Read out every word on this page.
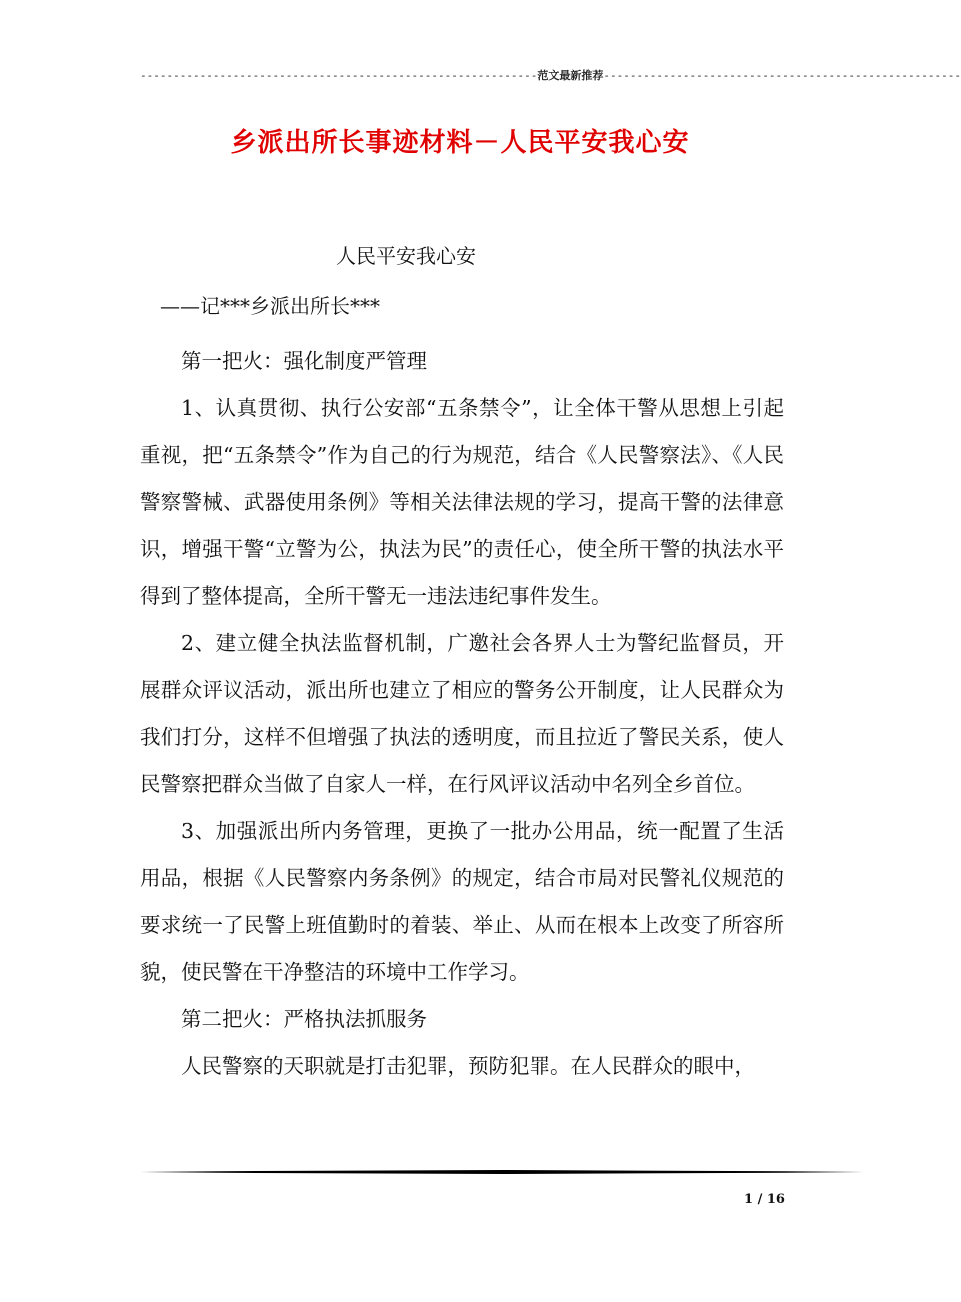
------------------------------------------------------------范文最新推荐------------------------------------------------------
乡派出所长事迹材料－人民平安我心安
人民平安我心安
——记***乡派出所长***

第一把火：强化制度严管理

1、认真贯彻、执行公安部“五条禁令”，让全体干警从思想上引起重视，把“五条禁令”作为自己的行为规范，结合《人民警察法》、《人民警察警械、武器使用条例》等相关法律法规的学习，提高干警的法律意识，增强干警“立警为公，执法为民”的责任心，使全所干警的执法水平得到了整体提高，全所干警无一违法违纪事件发生。

2、建立健全执法监督机制，广邀社会各界人士为警纪监督员，开展群众评议活动，派出所也建立了相应的警务公开制度，让人民群众为我们打分，这样不但增强了执法的透明度，而且拉近了警民关系，使人民警察把群众当做了自家人一样，在行风评议活动中名列全乡首位。

3、加强派出所内务管理，更换了一批办公用品，统一配置了生活用品，根据《人民警察内务条例》的规定，结合市局对民警礼仪规范的要求统一了民警上班值勤时的着装、举止、从而在根本上改变了所容所貌，使民警在干净整洁的环境中工作学习。

第二把火：严格执法抓服务

人民警察的天职就是打击犯罪，预防犯罪。在人民群众的眼中，

1 / 16
